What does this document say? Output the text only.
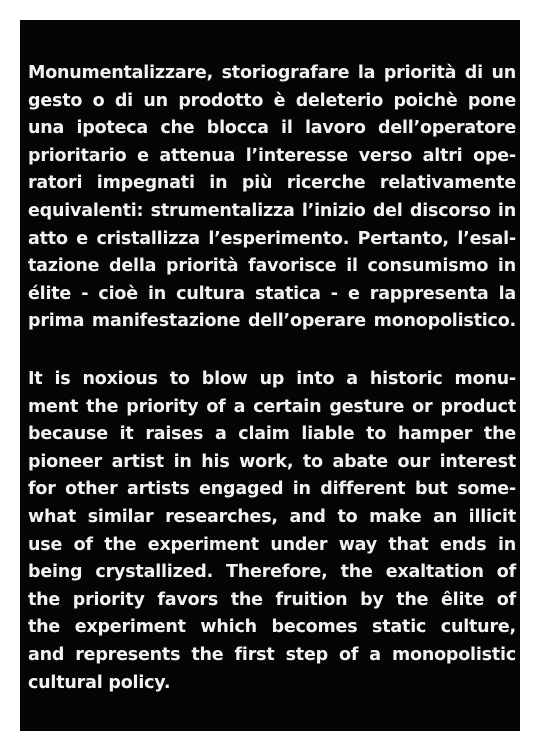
Monumentalizzare, storiografare la priorità di un
gesto o di un prodotto è deleterio poichè pone
una ipoteca che blocca il lavoro dell’operatore
prioritario e attenua l’interesse verso altri ope-
ratori impegnati in più ricerche relativamente
equivalenti: strumentalizza l’inizio del discorso in
atto e cristallizza l’esperimento. Pertanto, l’esal-
tazione della priorità favorisce il consumismo in
élite - cioè in cultura statica - e rappresenta la
prima manifestazione dell’operare monopolistico.

It is noxious to blow up into a historic monu-
ment the priority of a certain gesture or product
because it raises a claim liable to hamper the
pioneer artist in his work, to abate our interest
for other artists engaged in different but some-
what similar researches, and to make an illicit
use of the experiment under way that ends in
being crystallized. Therefore, the exaltation of
the priority favors the fruition by the êlite of
the experiment which becomes static culture,
and represents the first step of a monopolistic
cultural policy.
